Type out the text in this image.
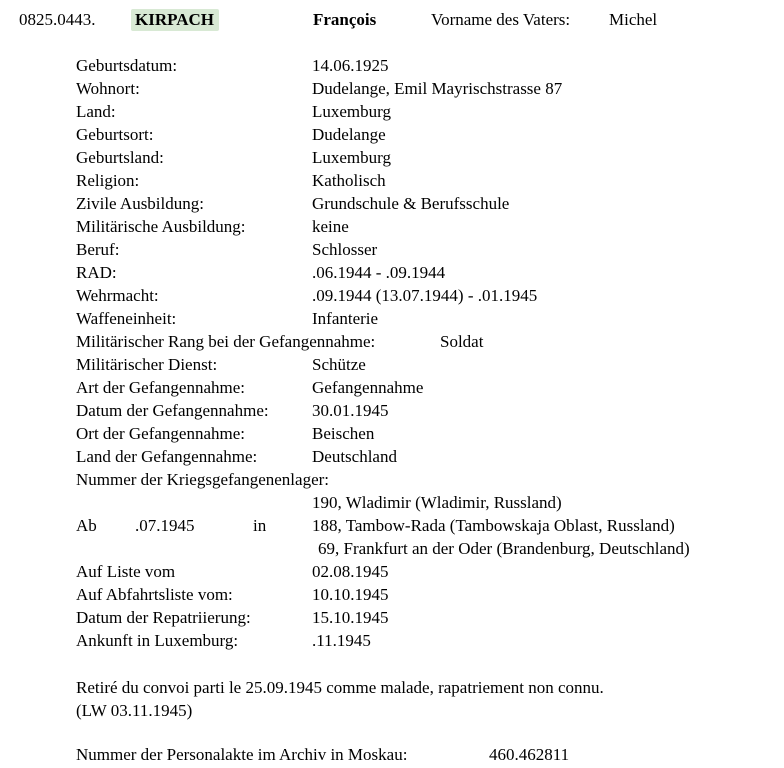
0825.0443. KIRPACH	François	Vorname des Vaters: Michel
Geburtsdatum:	14.06.1925
Wohnort:	Dudelange, Emil Mayrischstrasse 87
Land:	Luxemburg
Geburtsort:	Dudelange
Geburtsland:	Luxemburg
Religion:	Katholisch
Zivile Ausbildung:	Grundschule & Berufsschule
Militärische Ausbildung:	keine
Beruf:	Schlosser
RAD:	.06.1944 - .09.1944
Wehrmacht:	.09.1944 (13.07.1944) - .01.1945
Waffeneinheit:	Infanterie
Militärischer Rang bei der Gefangennahme:	Soldat
Militärischer Dienst:	Schütze
Art der Gefangennahme:	Gefangennahme
Datum der Gefangennahme:	30.01.1945
Ort der Gefangennahme:	Beischen
Land der Gefangennahme:	Deutschland
Nummer der Kriegsgefangenenlager:
190, Wladimir (Wladimir, Russland)
Ab .07.1945	in	188, Tambow-Rada (Tambowskaja Oblast, Russland)
69, Frankfurt an der Oder (Brandenburg, Deutschland)
Auf Liste vom	02.08.1945
Auf Abfahrtsliste vom:	10.10.1945
Datum der Repatriierung:	15.10.1945
Ankunft in Luxemburg:	.11.1945
Retiré du convoi parti le 25.09.1945 comme malade, rapatriement non connu.
(LW 03.11.1945)
Nummer der Personalakte im Archiv in Moskau:	460.462811
